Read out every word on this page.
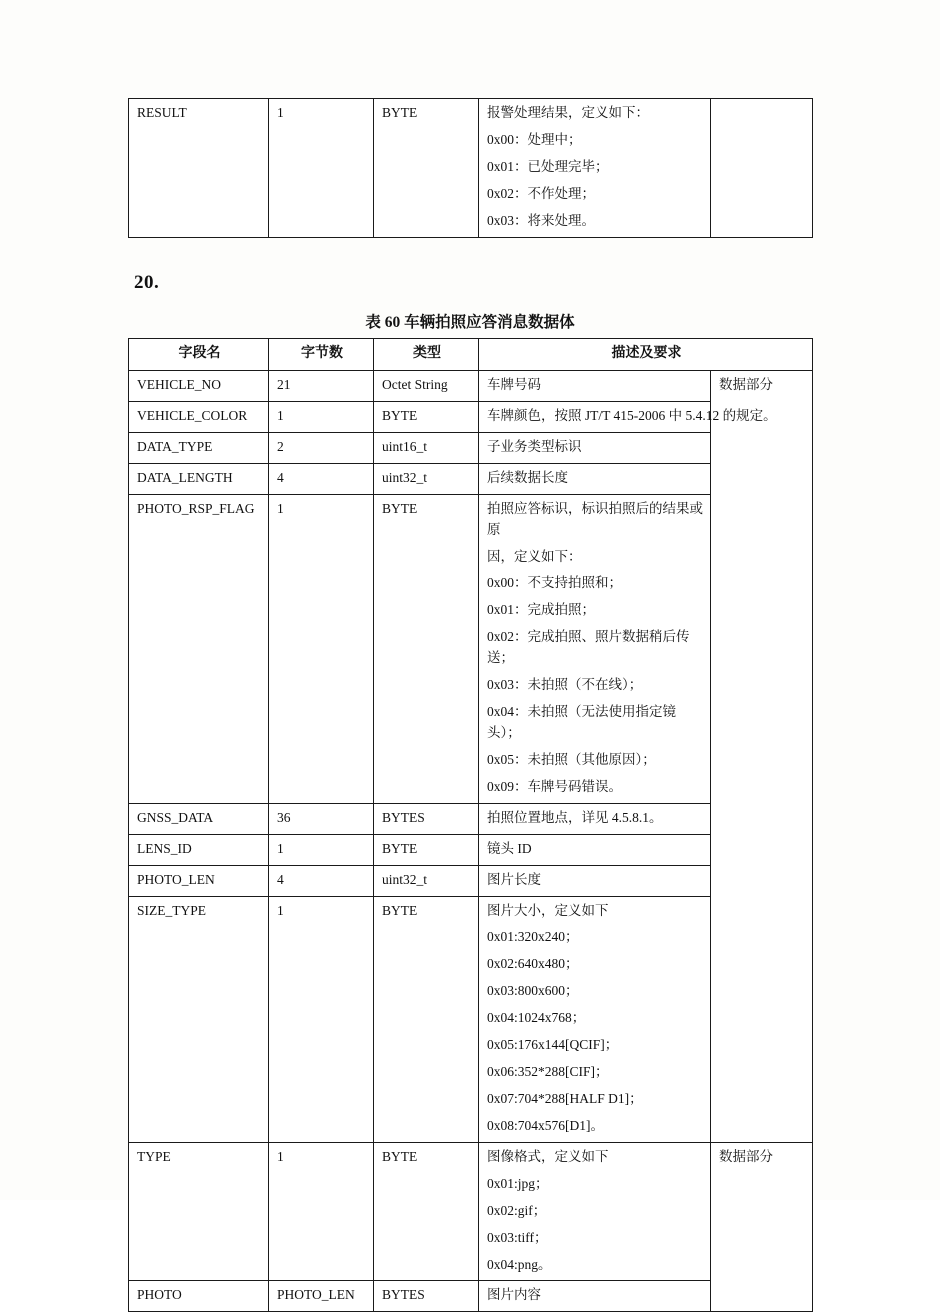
RESULT	1	BYTE	报警处理结果，定义如下：

0x00：处理中；

0x01：已处理完毕；

0x02：不作处理；

0x03：将来处理。

20.
表 60 车辆拍照应答消息数据体
字段名	字节数	类型	描述及要求	
VEHICLE_NO	21	Octet String	车牌号码	数据部分
VEHICLE_COLOR	1	BYTE	车牌颜色，按照 JT/T 415-2006 中 5.4.12 的规定。	
DATA_TYPE	2	uint16_t	子业务类型标识	
DATA_LENGTH	4	uint32_t	后续数据长度	
PHOTO_RSP_FLAG	1	BYTE	拍照应答标识，标识拍照后的结果或原

因，定义如下：

0x00：不支持拍照和；

0x01：完成拍照；

0x02：完成拍照、照片数据稍后传送；

0x03：未拍照（不在线）；

0x04：未拍照（无法使用指定镜头）；

0x05：未拍照（其他原因）；

0x09：车牌号码错误。

GNSS_DATA	36	BYTES	拍照位置地点，详见 4.5.8.1。	
LENS_ID	1	BYTE	镜头 ID	
PHOTO_LEN	4	uint32_t	图片长度	
SIZE_TYPE	1	BYTE	图片大小，定义如下

0x01:320x240；

0x02:640x480；

0x03:800x600；

0x04:1024x768；

0x05:176x144[QCIF]；

0x06:352*288[CIF]；

0x07:704*288[HALF D1]；

0x08:704x576[D1]。

TYPE	1	BYTE	图像格式，定义如下

0x01:jpg；

0x02:gif；

0x03:tiff；

0x04:png。	数据部分
PHOTO	PHOTO_LEN	BYTES	图片内容	
